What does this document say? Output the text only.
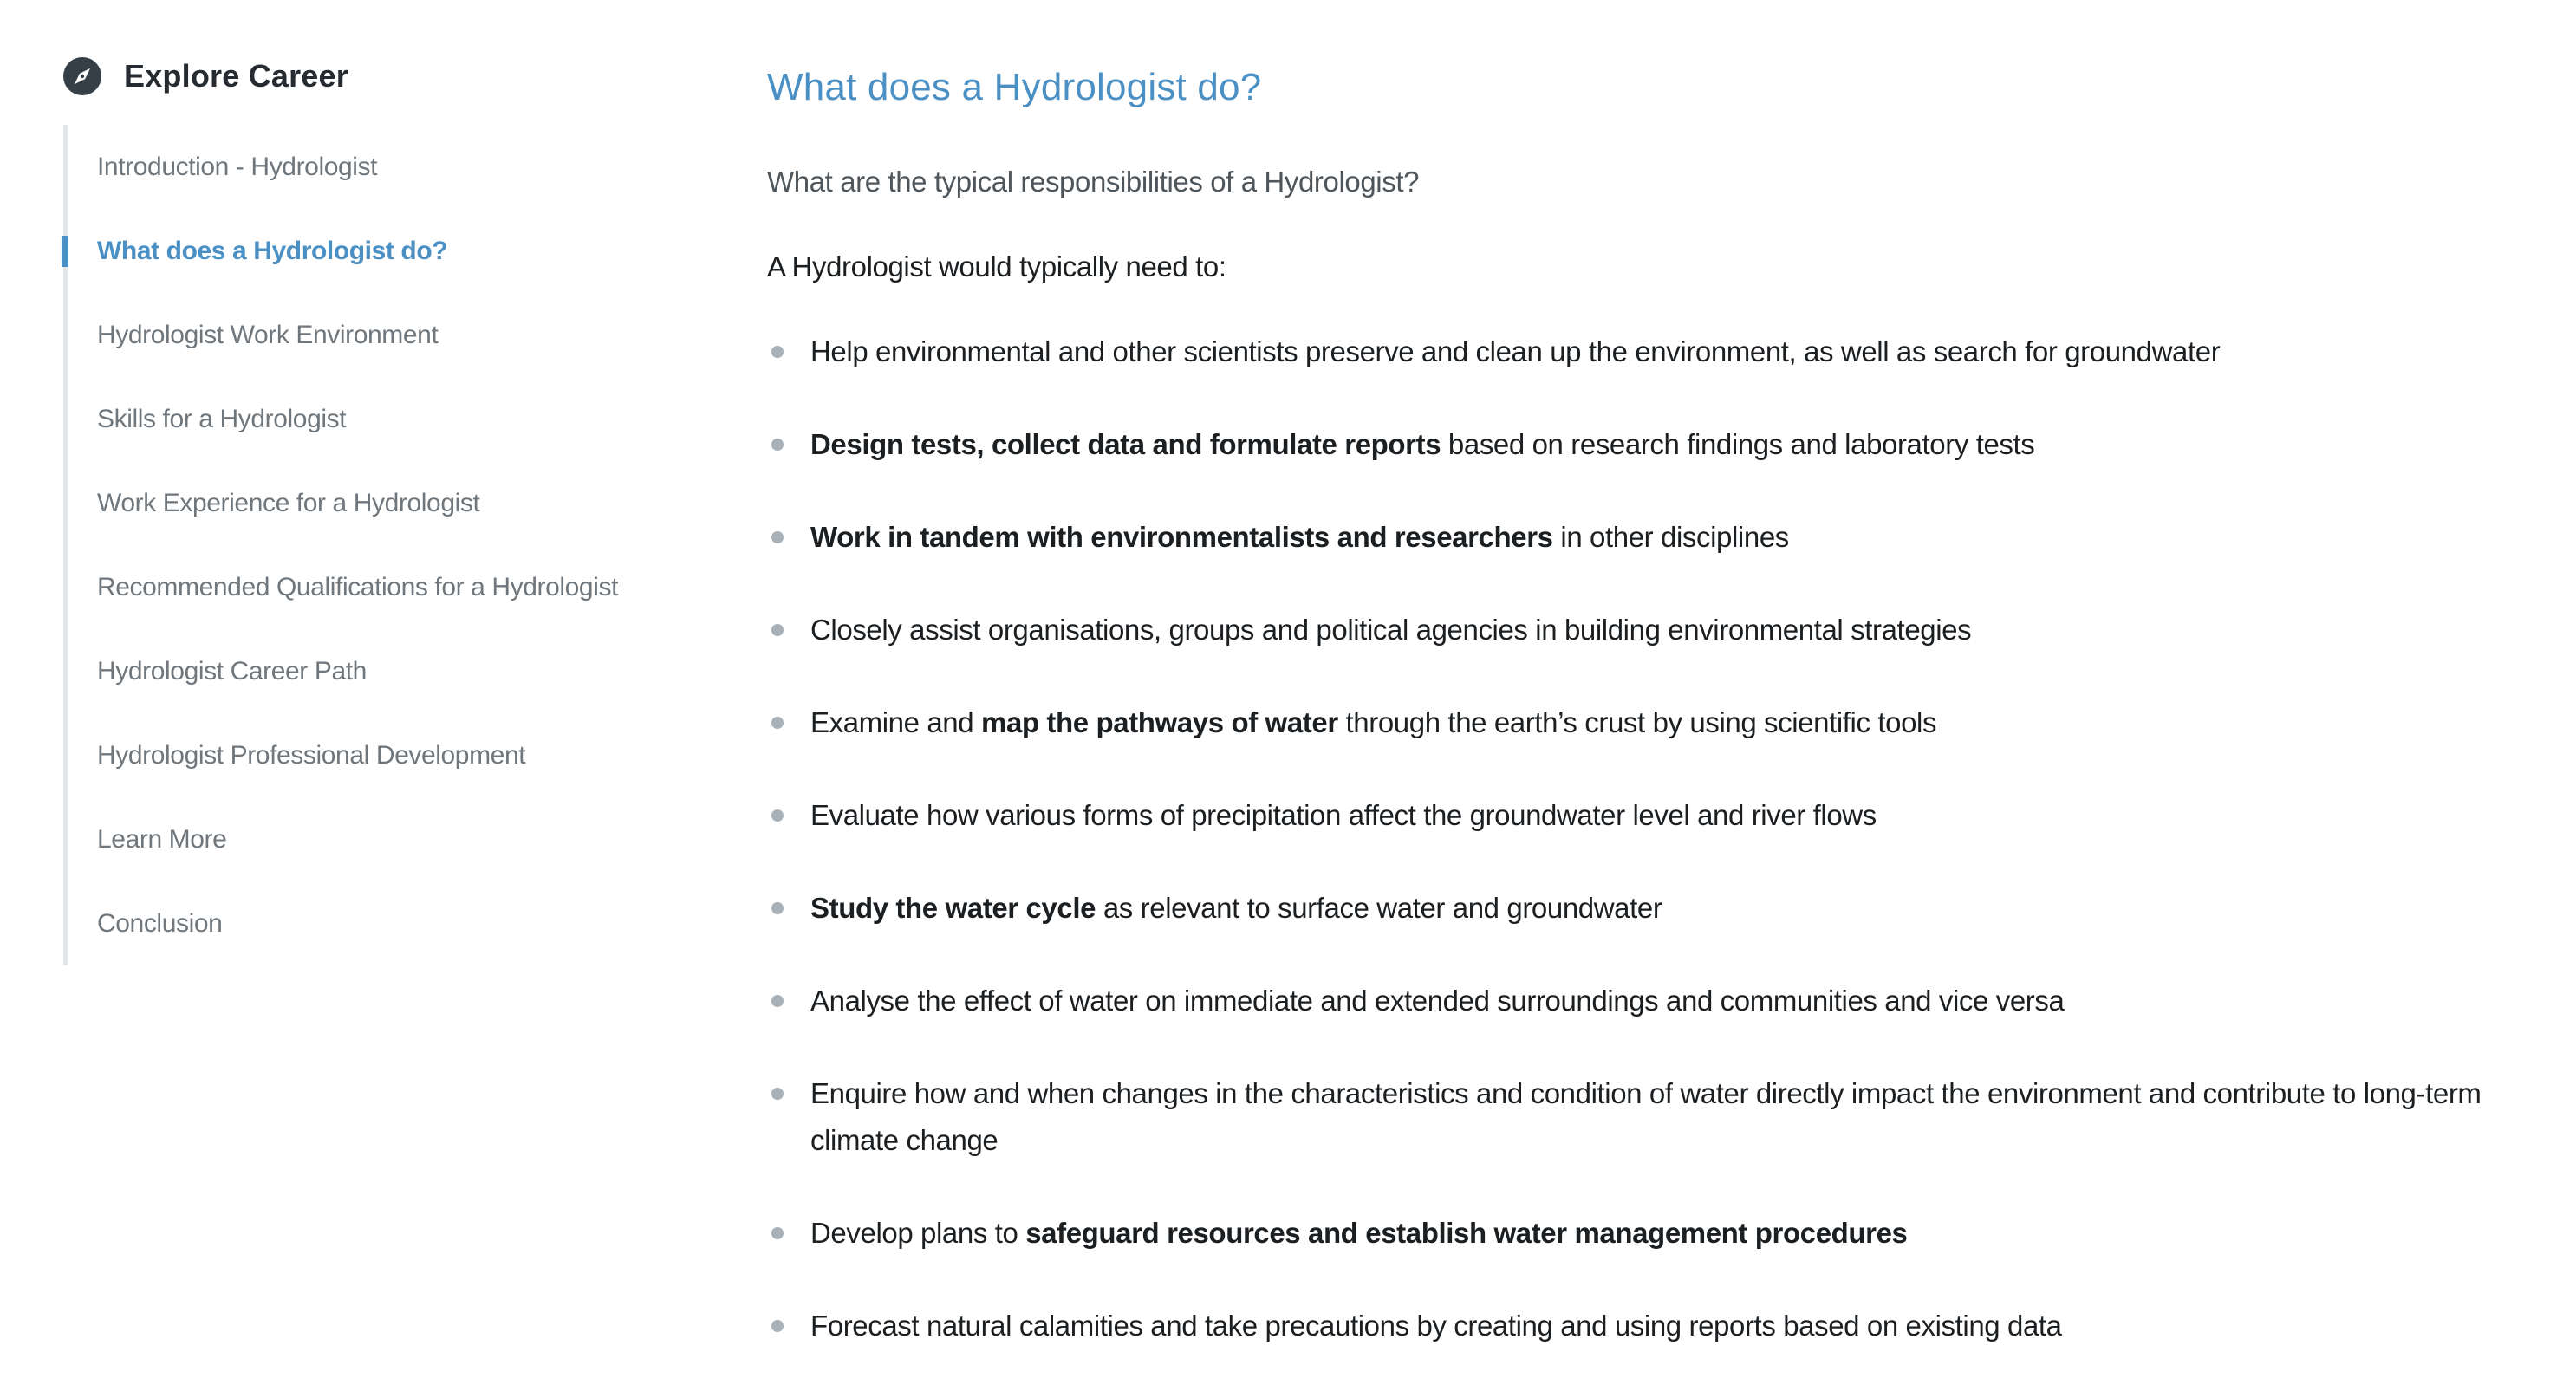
Explore Career
Introduction - Hydrologist
What does a Hydrologist do?
Hydrologist Work Environment
Skills for a Hydrologist
Work Experience for a Hydrologist
Recommended Qualifications for a Hydrologist
Hydrologist Career Path
Hydrologist Professional Development
Learn More
Conclusion
What does a Hydrologist do?

What are the typical responsibilities of a Hydrologist?

A Hydrologist would typically need to:

Help environmental and other scientists preserve and clean up the environment, as well as search for groundwater
Design tests, collect data and formulate reports based on research findings and laboratory tests
Work in tandem with environmentalists and researchers in other disciplines
Closely assist organisations, groups and political agencies in building environmental strategies
Examine and map the pathways of water through the earth’s crust by using scientific tools
Evaluate how various forms of precipitation affect the groundwater level and river flows
Study the water cycle as relevant to surface water and groundwater
Analyse the effect of water on immediate and extended surroundings and communities and vice versa
Enquire how and when changes in the characteristics and condition of water directly impact the environment and contribute to long-term climate change
Develop plans to safeguard resources and establish water management procedures
Forecast natural calamities and take precautions by creating and using reports based on existing data
